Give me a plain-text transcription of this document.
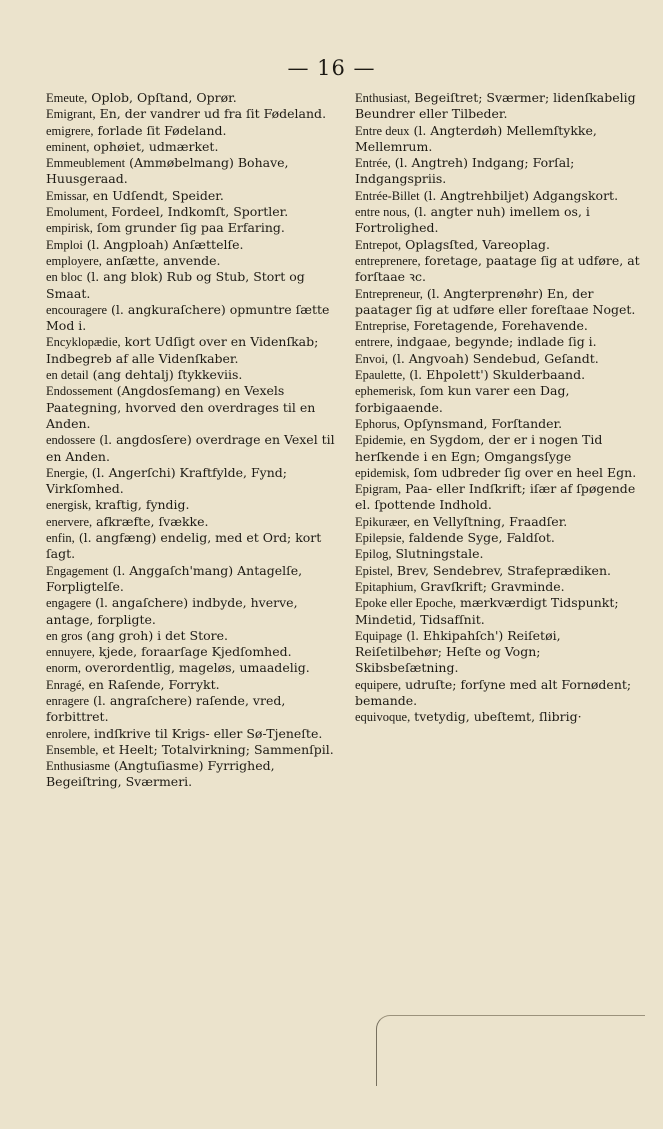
— 16 —
Emeute, Oplob, Opſtand, Oprør.
Emigrant, En, der vandrer ud fra ſit Fødeland.
emigrere, forlade ſit Fødeland.
eminent, ophøiet, udmærket.
Emmeublement (Ammøbelmang) Bohave, Huusgeraad.
Emissar, en Udſendt, Speider.
Emolument, Fordeel, Indkomſt, Sportler.
empirisk, ſom grunder ſig paa Erfaring.
Emploi (l. Angploah) Anſættelſe.
employere, anſætte, anvende.
en bloc (l. ang blok) Rub og Stub, Stort og Smaat.
encouragere (l. angkuraſchere) opmuntre ſætte Mod i.
Encyklopædie, kort Udſigt over en Videnſkab; Indbegreb af alle Videnſkaber.
en detail (ang dehtalj) ſtykkeviis.
Endossement (Angdosſemang) en Vexels Paategning, hvorved den overdrages til en Anden.
endossere (l. angdosſere) overdrage en Vexel til en Anden.
Energie, (l. Angerſchi) Kraftfylde, Fynd; Virkſomhed.
energisk, kraftig, fyndig.
enervere, afkræfte, ſvække.
enfin, (l. angfæng) endelig, med et Ord; kort ſagt.
Engagement (l. Anggaſch'mang) Antagelſe, Forpligtelſe.
engagere (l. angaſchere) indbyde, hverve, antage, forpligte.
en gros (ang groh) i det Store.
ennuyere, kjede, foraarſage Kjedſomhed.
enorm, overordentlig, mageløs, umaadelig.
Enragé, en Raſende, Forrykt.
enragere (l. angraſchere) raſende, vred, forbittret.
enrolere, indſkrive til Krigs- eller Sø-Tjeneſte.
Ensemble, et Heelt; Totalvirkning; Sammenſpil.
Enthusiasme (Angtuſiasme) Fyrrighed, Begeiſtring, Sværmeri.
Enthusiast, Begeiſtret; Sværmer; lidenſkabelig Beundrer eller Tilbeder.
Entre deux (l. Angterdøh) Mellemſtykke, Mellemrum.
Entrée, (l. Angtreh) Indgang; Forſal; Indgangspriis.
Entrée-Billet (l. Angtrehbiljet) Adgangskort.
entre nous, (l. angter nuh) imellem os, i Fortrolighed.
Entrepot, Oplagsſted, Vareoplag.
entreprenere, foretage, paatage ſig at udføre, at forſtaae ꝛc.
Entrepreneur, (l. Angterprenøhr) En, der paatager ſig at udføre eller foreſtaae Noget.
Entreprise, Foretagende, Forehavende.
entrere, indgaae, begynde; indlade ſig i.
Envoi, (l. Angvoah) Sendebud, Geſandt.
Epaulette, (l. Ehpolett') Skulderbaand.
ephemerisk, ſom kun varer een Dag, forbigaaende.
Ephorus, Opſynsmand, Forſtander.
Epidemie, en Sygdom, der er i nogen Tid herſkende i en Egn; Omgangsſyge
epidemisk, ſom udbreder ſig over en heel Egn.
Epigram, Paa- eller Indſkrift; iſær af ſpøgende el. ſpottende Indhold.
Epikuræer, en Vellyſtning, Fraadſer.
Epilepsie, faldende Syge, Faldſot.
Epilog, Slutningstale.
Epistel, Brev, Sendebrev, Strafeprædiken.
Epitaphium, Gravſkrift; Gravminde.
Epoke eller Epoche, mærkværdigt Tidspunkt; Mindetid, Tidsafſnit.
Equipage (l. Ehkipahſch') Reiſetøi, Reiſetilbehør; Heſte og Vogn; Skibsbeſætning.
equipere, udruſte; forſyne med alt Fornødent; bemande.
equivoque, tvetydig, ubeſtemt, ſlibrig·
